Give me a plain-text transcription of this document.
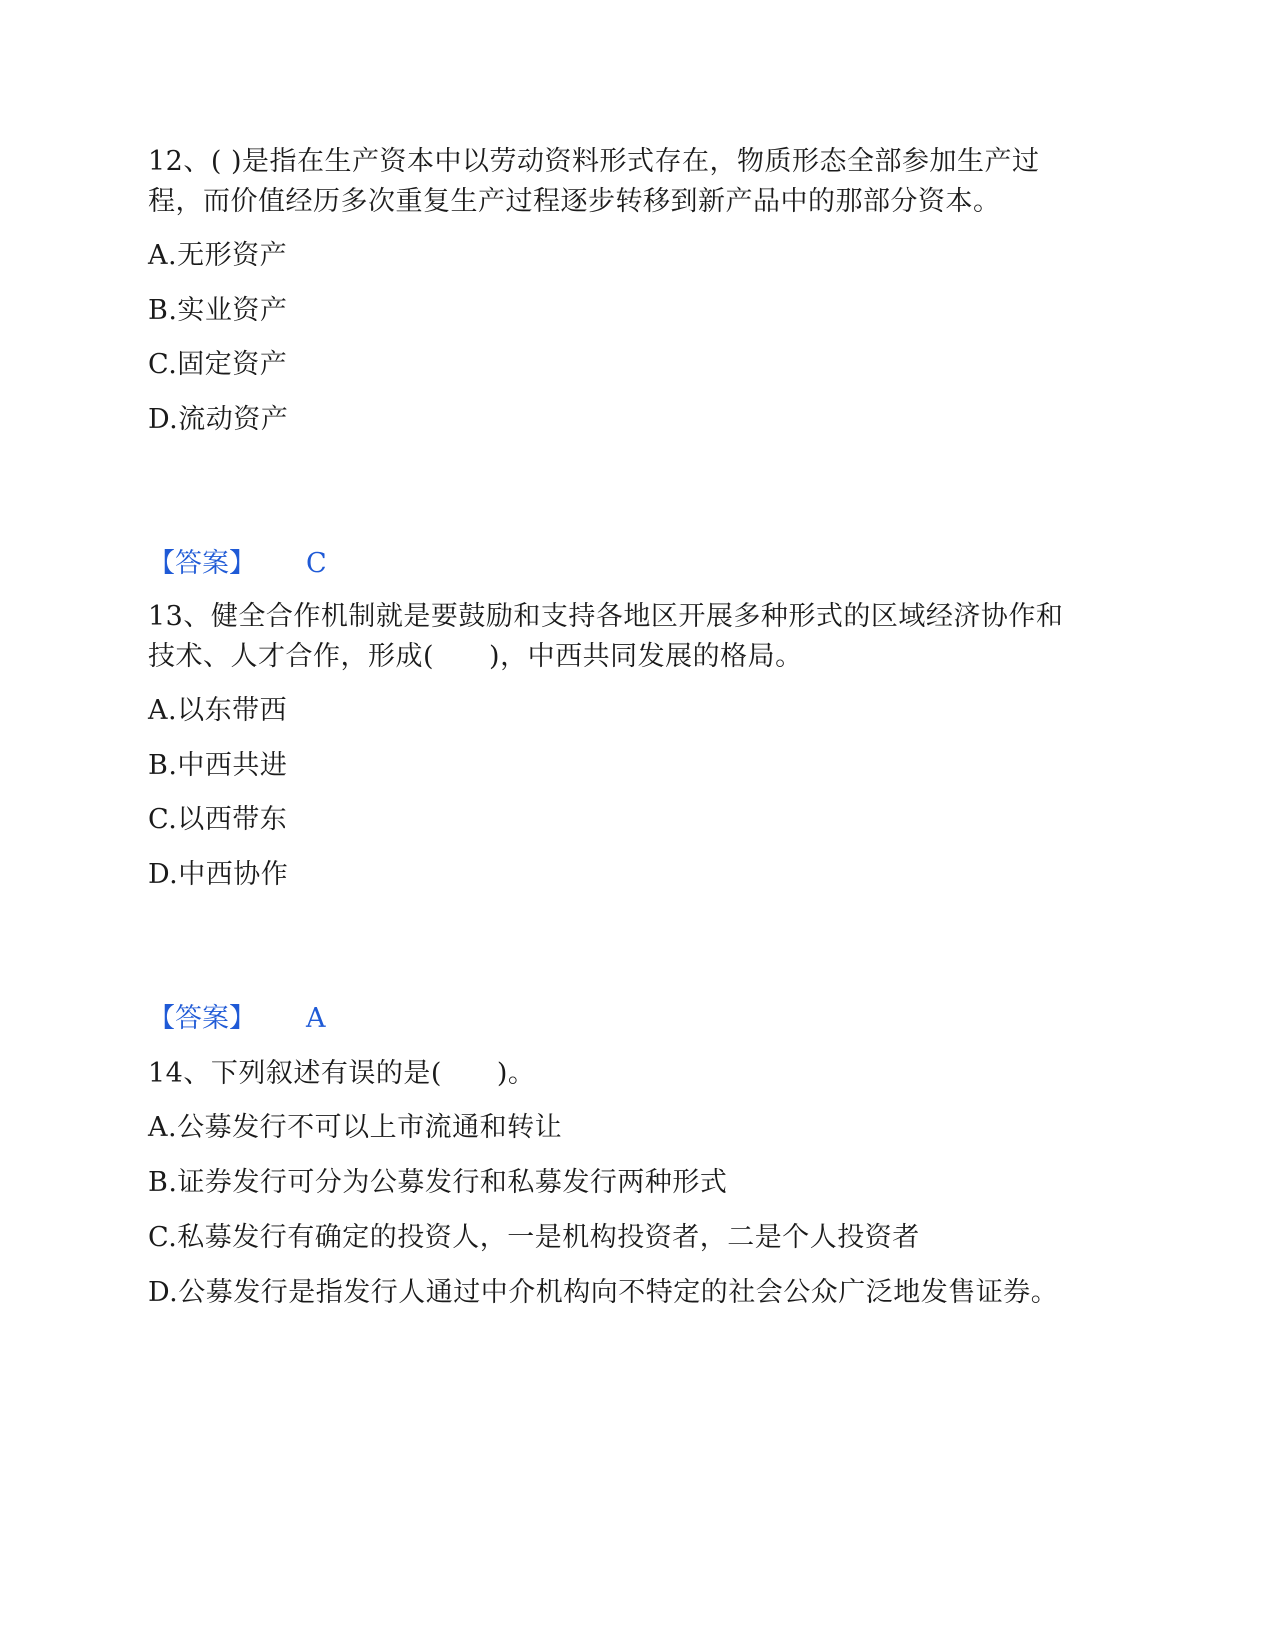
12、( )是指在生产资本中以劳动资料形式存在，物质形态全部参加生产过
程，而价值经历多次重复生产过程逐步转移到新产品中的那部分资本。
A.无形资产
B.实业资产
C.固定资产
D.流动资产
【答案】 C
13、健全合作机制就是要鼓励和支持各地区开展多种形式的区域经济协作和
技术、人才合作，形成(　　)，中西共同发展的格局。
A.以东带西
B.中西共进
C.以西带东
D.中西协作
【答案】 A
14、下列叙述有误的是(　　)。
A.公募发行不可以上市流通和转让
B.证券发行可分为公募发行和私募发行两种形式
C.私募发行有确定的投资人，一是机构投资者，二是个人投资者
D.公募发行是指发行人通过中介机构向不特定的社会公众广泛地发售证券。
